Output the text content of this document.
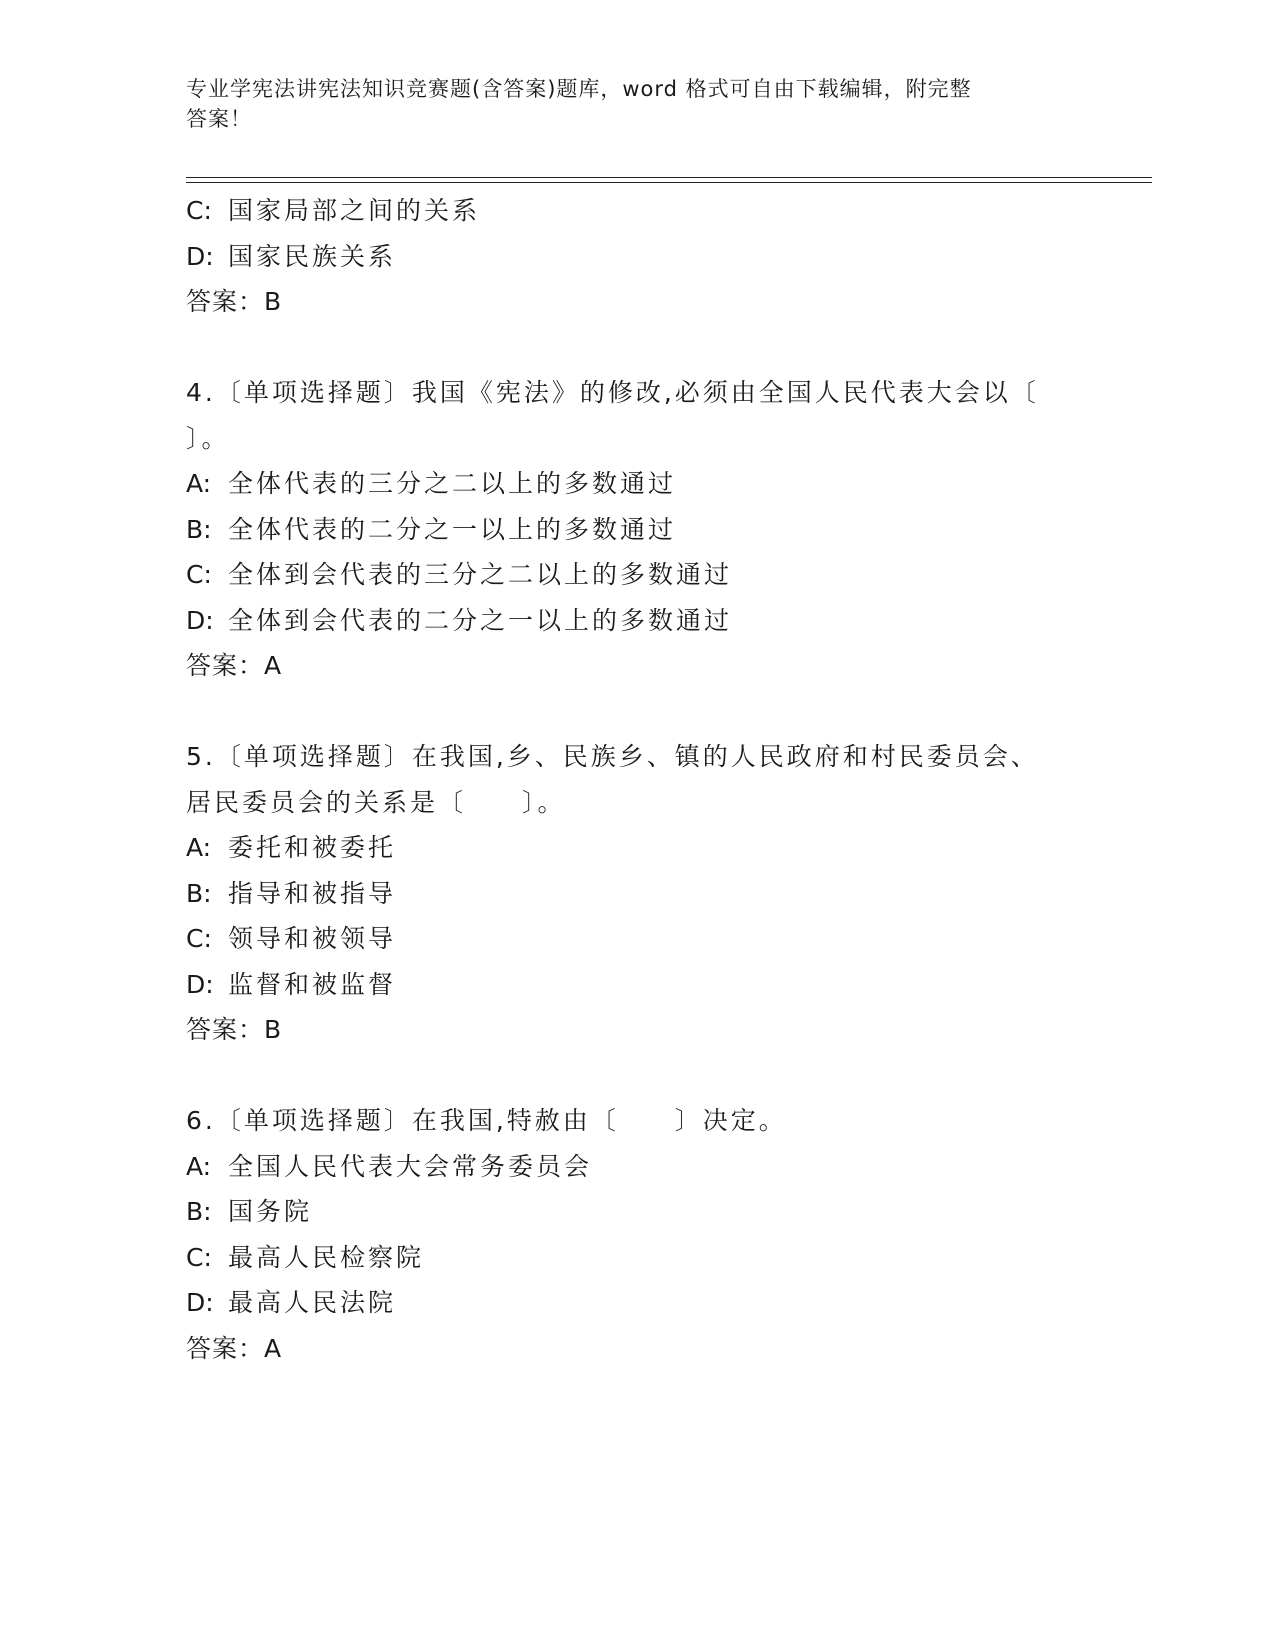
专业学宪法讲宪法知识竞赛题(含答案)题库，word 格式可自由下载编辑，附完整
答案！
C: 国家局部之间的关系
D: 国家民族关系
答案：B
4.〔单项选择题〕我国《宪法》的修改,必须由全国人民代表大会以〔
〕。
A: 全体代表的三分之二以上的多数通过
B: 全体代表的二分之一以上的多数通过
C: 全体到会代表的三分之二以上的多数通过
D: 全体到会代表的二分之一以上的多数通过
答案：A
5.〔单项选择题〕在我国,乡、民族乡、镇的人民政府和村民委员会、
居民委员会的关系是〔　　〕。
A: 委托和被委托
B: 指导和被指导
C: 领导和被领导
D: 监督和被监督
答案：B
6.〔单项选择题〕在我国,特赦由〔　　〕决定。
A: 全国人民代表大会常务委员会
B: 国务院
C: 最高人民检察院
D: 最高人民法院
答案：A
